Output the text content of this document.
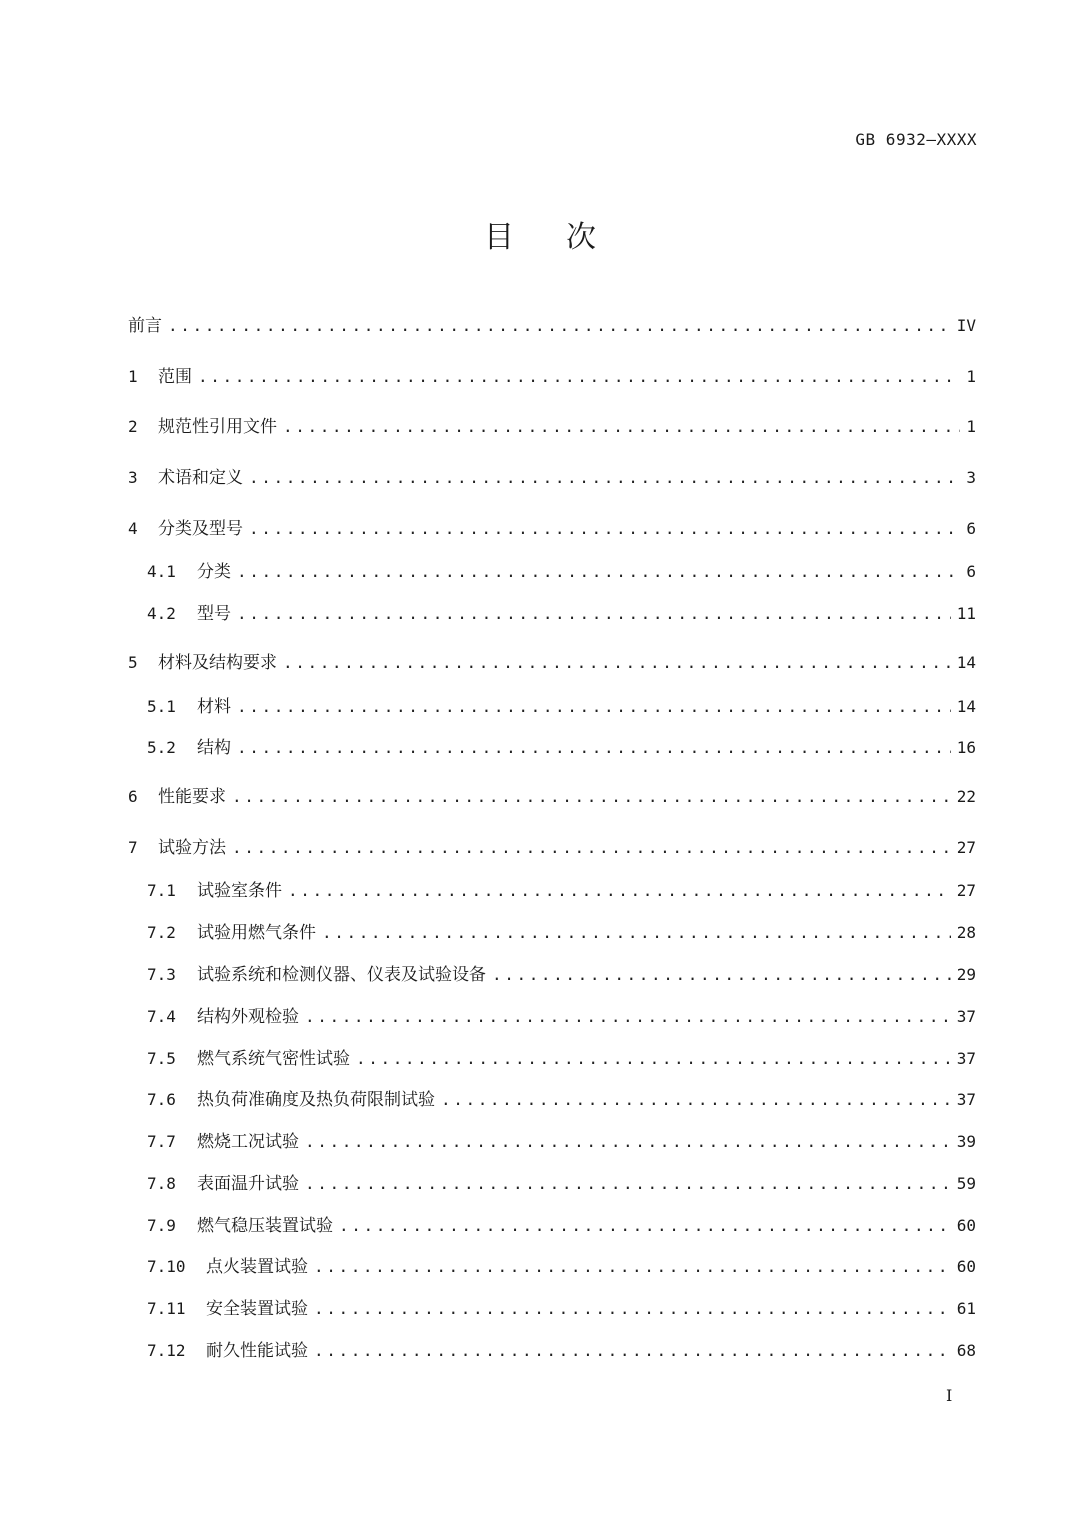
GB 6932—XXXX
目次
前言 .....	IV
1	范围 .....	1
2	规范性引用文件 .....	1
3	术语和定义 .....	3
4	分类及型号 .....	6
4.1	分类 .....	6
4.2	型号 .....	11
5	材料及结构要求 .....	14
5.1	材料 .....	14
5.2	结构 .....	16
6	性能要求 .....	22
7	试验方法 .....	27
7.1	试验室条件 .....	27
7.2	试验用燃气条件 .....	28
7.3	试验系统和检测仪器、仪表及试验设备 .....	29
7.4	结构外观检验 .....	37
7.5	燃气系统气密性试验 .....	37
7.6	热负荷准确度及热负荷限制试验 .....	37
7.7	燃烧工况试验 .....	39
7.8	表面温升试验 .....	59
7.9	燃气稳压装置试验 .....	60
7.10	点火装置试验 .....	60
7.11	安全装置试验 .....	61
7.12	耐久性能试验 .....	68
I
